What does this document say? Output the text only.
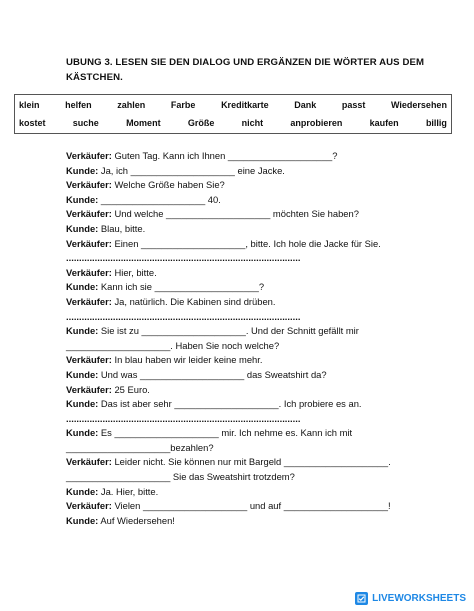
UBUNG 3. LESEN SIE DEN DIALOG UND ERGÄNZEN DIE WÖRTER AUS DEM KÄSTCHEN.
klein	helfen	zahlen	Farbe	Kreditkarte	Dank	passt	Wiedersehen
kostet	suche	Moment	Größe	nicht	anprobieren	kaufen	billig
Verkäufer: Guten Tag. Kann ich Ihnen ____________________?
Kunde: Ja, ich ____________________ eine Jacke.
Verkäufer: Welche Größe haben Sie?
Kunde: ____________________ 40.
Verkäufer: Und welche ____________________ möchten Sie haben?
Kunde: Blau, bitte.
Verkäufer: Einen ____________________, bitte. Ich hole die Jacke für Sie.
..........................................................................................
Verkäufer: Hier, bitte.
Kunde: Kann ich sie ____________________?
Verkäufer: Ja, natürlich. Die Kabinen sind drüben.
..........................................................................................
Kunde: Sie ist zu ____________________. Und der Schnitt gefällt mir
____________________. Haben Sie noch welche?
Verkäufer: In blau haben wir leider keine mehr.
Kunde: Und was ____________________ das Sweatshirt da?
Verkäufer: 25 Euro.
Kunde: Das ist aber sehr ____________________. Ich probiere es an.
..........................................................................................
Kunde: Es ____________________ mir. Ich nehme es. Kann ich mit
____________________bezahlen?
Verkäufer: Leider nicht. Sie können nur mit Bargeld ____________________.
____________________ Sie das Sweatshirt trotzdem?
Kunde: Ja. Hier, bitte.
Verkäufer: Vielen ____________________ und auf ____________________!
Kunde: Auf Wiedersehen!
LIVEWORKSHEETS
